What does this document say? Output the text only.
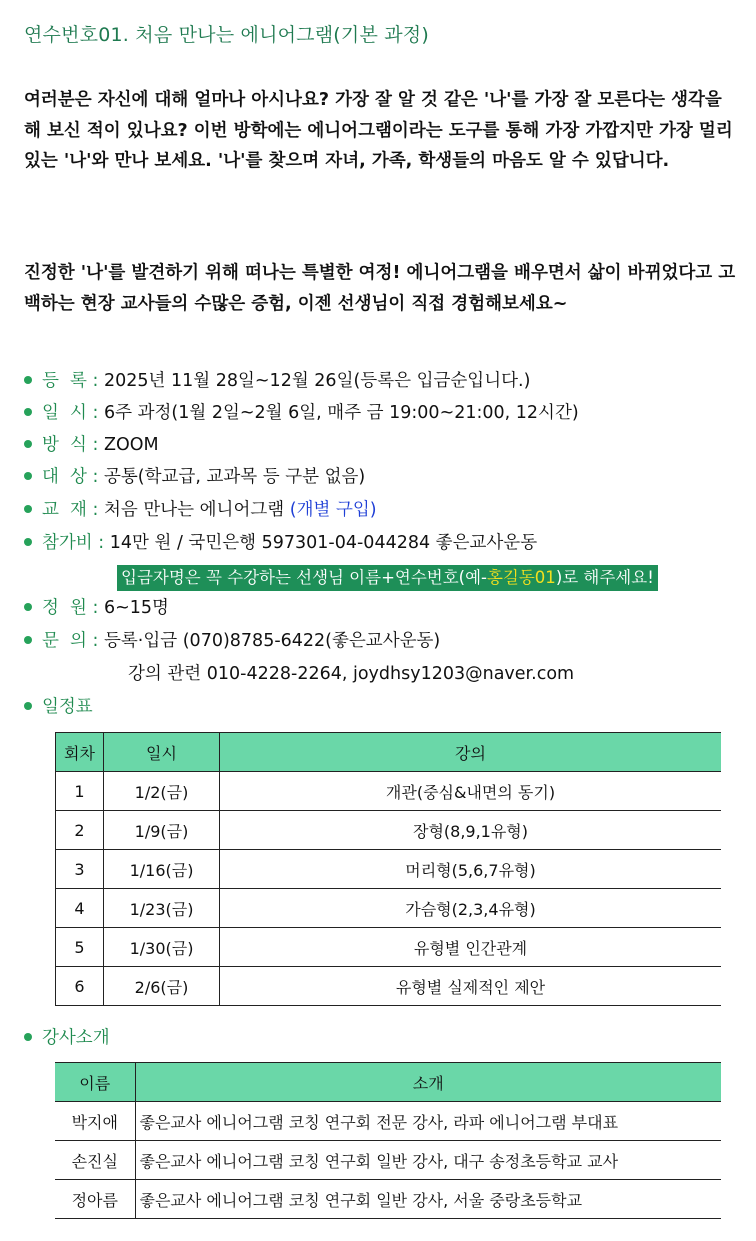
연수번호01. 처음 만나는 에니어그램(기본 과정)
여러분은 자신에 대해 얼마나 아시나요? 가장 잘 알 것 같은 '나'를 가장 잘 모른다는 생각을 해 보신 적이 있나요? 이번 방학에는 에니어그램이라는 도구를 통해 가장 가깝지만 가장 멀리 있는 '나'와 만나 보세요. '나'를 찾으며 자녀, 가족, 학생들의 마음도 알 수 있답니다.
진정한 '나'를 발견하기 위해 떠나는 특별한 여정! 에니어그램을 배우면서 삶이 바뀌었다고 고백하는 현장 교사들의 수많은 증험, 이젠 선생님이 직접 경험해보세요~
등  록 : 2025년 11월 28일~12월 26일(등록은 입금순입니다.)
일  시 : 6주 과정(1월 2일~2월 6일, 매주 금 19:00~21:00, 12시간)
방  식 : ZOOM
대  상 : 공통(학교급, 교과목 등 구분 없음)
교  재 : 처음 만나는 에니어그램 (개별 구입)
참가비 : 14만 원 / 국민은행 597301-04-044284 좋은교사운동
입금자명은 꼭 수강하는 선생님 이름+연수번호(예-홍길동01)로 해주세요!
정  원 : 6~15명
문  의 : 등록·입금 (070)8785-6422(좋은교사운동)
강의 관련 010-4228-2264, joydhsy1203@naver.com
일정표
회차	일시	강의
1	1/2(금)	개관(중심&내면의 동기)
2	1/9(금)	장형(8,9,1유형)
3	1/16(금)	머리형(5,6,7유형)
4	1/23(금)	가슴형(2,3,4유형)
5	1/30(금)	유형별 인간관계
6	2/6(금)	유형별 실제적인 제안
강사소개
이름	소개
박지애	좋은교사 에니어그램 코칭 연구회 전문 강사, 라파 에니어그램 부대표
손진실	좋은교사 에니어그램 코칭 연구회 일반 강사, 대구 송정초등학교 교사
정아름	좋은교사 에니어그램 코칭 연구회 일반 강사, 서울 중랑초등학교
